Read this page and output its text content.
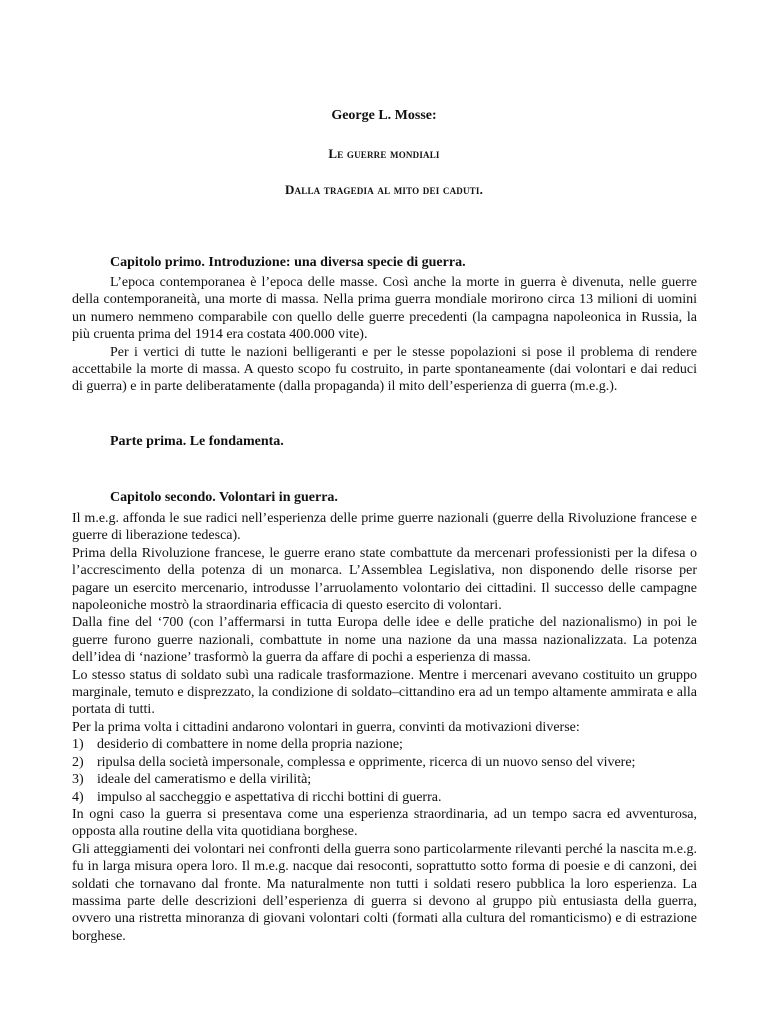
George L. Mosse:
Le guerre mondiali
Dalla tragedia al mito dei caduti.
Capitolo primo. Introduzione: una diversa specie di guerra.

L’epoca contemporanea è l’epoca delle masse. Così anche la morte in guerra è divenuta, nelle guerre della contemporaneità, una morte di massa. Nella prima guerra mondiale morirono circa 13 milioni di uomini un numero nemmeno comparabile con quello delle guerre precedenti (la campagna napoleonica in Russia, la più cruenta prima del 1914 era costata 400.000 vite).

Per i vertici di tutte le nazioni belligeranti e per le stesse popolazioni si pose il problema di rendere accettabile la morte di massa. A questo scopo fu costruito, in parte spontaneamente (dai volontari e dai reduci di guerra) e in parte deliberatamente (dalla propaganda) il mito dell’esperienza di guerra (m.e.g.).

Parte prima. Le fondamenta.
Capitolo secondo. Volontari in guerra.

Il m.e.g. affonda le sue radici nell’esperienza delle prime guerre nazionali (guerre della Rivoluzione francese e guerre di liberazione tedesca).

Prima della Rivoluzione francese, le guerre erano state combattute da mercenari professionisti per la difesa o l’accrescimento della potenza di un monarca. L’Assemblea Legislativa, non disponendo delle risorse per pagare un esercito mercenario, introdusse l’arruolamento volontario dei cittadini. Il successo delle campagne napoleoniche mostrò la straordinaria efficacia di questo esercito di volontari.

Dalla fine del ‘700 (con l’affermarsi in tutta Europa delle idee e delle pratiche del nazionalismo) in poi le guerre furono guerre nazionali, combattute in nome una nazione da una massa nazionalizzata. La potenza dell’idea di ‘nazione’ trasformò la guerra da affare di pochi a esperienza di massa.

Lo stesso status di soldato subì una radicale trasformazione. Mentre i mercenari avevano costituito un gruppo marginale, temuto e disprezzato, la condizione di soldato–cittandino era ad un tempo altamente ammirata e alla portata di tutti.

Per la prima volta i cittadini andarono volontari in guerra, convinti da motivazioni diverse:

1) desiderio di combattere in nome della propria nazione;
2) ripulsa della società impersonale, complessa e opprimente, ricerca di un nuovo senso del vivere;
3) ideale del cameratismo e della virilità;
4) impulso al saccheggio e aspettativa di ricchi bottini di guerra.

In ogni caso la guerra si presentava come una esperienza straordinaria, ad un tempo sacra ed avventurosa, opposta alla routine della vita quotidiana borghese.

Gli atteggiamenti dei volontari nei confronti della guerra sono particolarmente rilevanti perché la nascita m.e.g. fu in larga misura opera loro. Il m.e.g. nacque dai resoconti, soprattutto sotto forma di poesie e di canzoni, dei soldati che tornavano dal fronte. Ma naturalmente non tutti i soldati resero pubblica la loro esperienza. La massima parte delle descrizioni dell’esperienza di guerra si devono al gruppo più entusiasta della guerra, ovvero una ristretta minoranza di giovani volontari colti (formati alla cultura del romanticismo) e di estrazione borghese.
